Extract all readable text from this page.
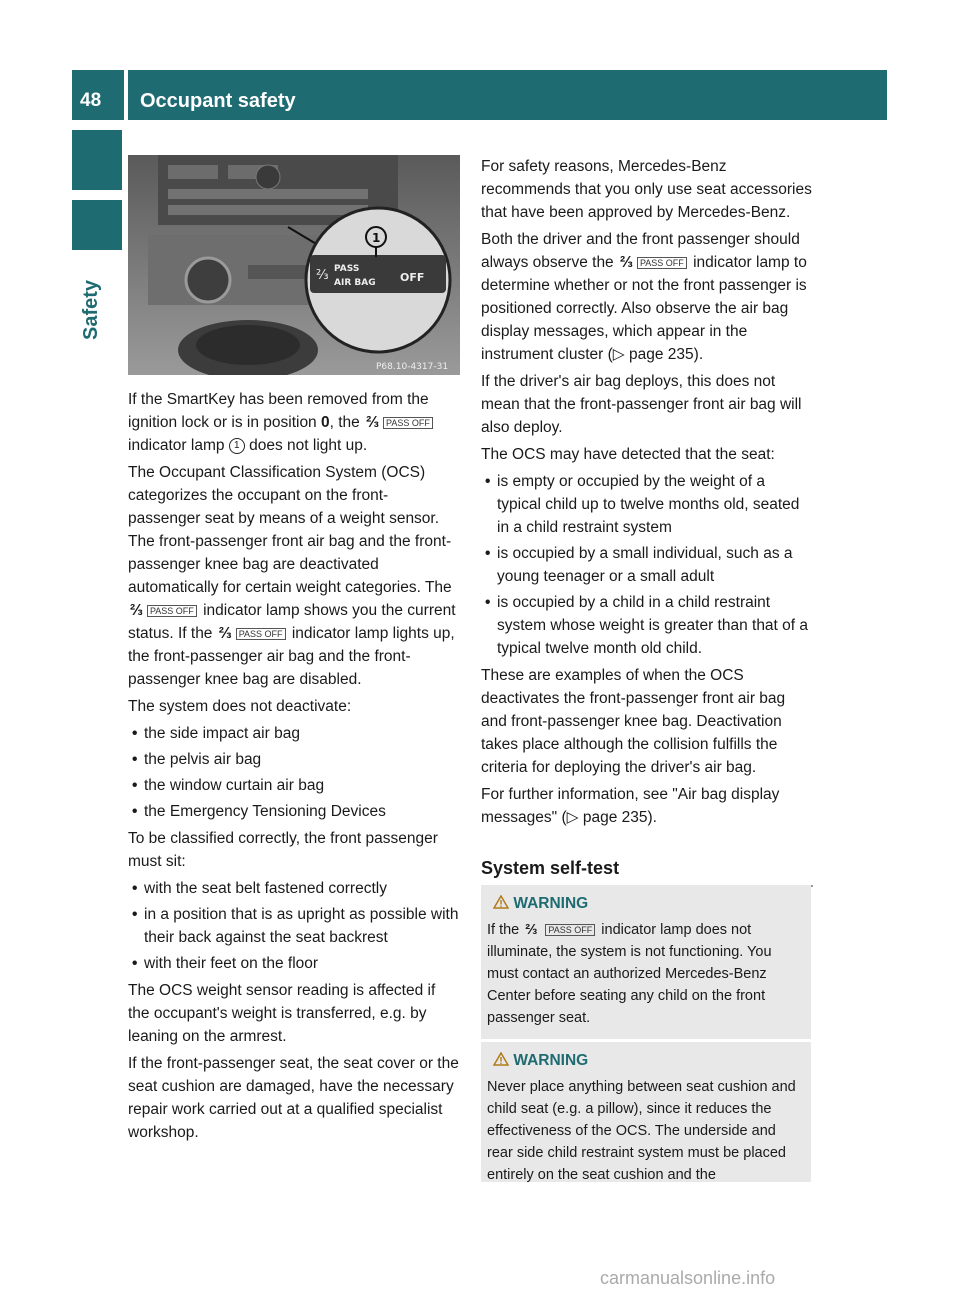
48 Occupant safety
Safety
⅔ PASS
AIR BAG OFF
1
P68.10-4317-31

If the SmartKey has been removed from the ignition lock or is in position 0, the ⅔ PASS OFF indicator lamp 1 does not light up.

The Occupant Classification System (OCS) categorizes the occupant on the front-passenger seat by means of a weight sensor. The front-passenger front air bag and the front-passenger knee bag are deactivated automatically for certain weight categories. The ⅔ PASS OFF indicator lamp shows you the current status. If the ⅔ PASS OFF indicator lamp lights up, the front-passenger air bag and the front-passenger knee bag are disabled.

The system does not deactivate:

• the side impact air bag
• the pelvis air bag
• the window curtain air bag
• the Emergency Tensioning Devices

To be classified correctly, the front passenger must sit:

• with the seat belt fastened correctly
• in a position that is as upright as possible with their back against the seat backrest
• with their feet on the floor

The OCS weight sensor reading is affected if the occupant's weight is transferred, e.g. by leaning on the armrest.

If the front-passenger seat, the seat cover or the seat cushion are damaged, have the necessary repair work carried out at a qualified specialist workshop.

For safety reasons, Mercedes-Benz recommends that you only use seat accessories that have been approved by Mercedes-Benz.

Both the driver and the front passenger should always observe the ⅔ PASS OFF indicator lamp to determine whether or not the front passenger is positioned correctly. Also observe the air bag display messages, which appear in the instrument cluster (▷ page 235).

If the driver's air bag deploys, this does not mean that the front-passenger front air bag will also deploy.

The OCS may have detected that the seat:

• is empty or occupied by the weight of a typical child up to twelve months old, seated in a child restraint system
• is occupied by a small individual, such as a young teenager or a small adult
• is occupied by a child in a child restraint system whose weight is greater than that of a typical twelve month old child.

These are examples of when the OCS deactivates the front-passenger front air bag and front-passenger knee bag. Deactivation takes place although the collision fulfills the criteria for deploying the driver's air bag.

For further information, see "Air bag display messages" (▷ page 235).

System self-test
WARNING
If the ⅔ PASS OFF indicator lamp does not illuminate, the system is not functioning. You must contact an authorized Mercedes-Benz Center before seating any child on the front passenger seat.
WARNING
Never place anything between seat cushion and child seat (e.g. a pillow), since it reduces the effectiveness of the OCS. The underside and rear side child restraint system must be placed entirely on the seat cushion and the
carmanualsonline.info
